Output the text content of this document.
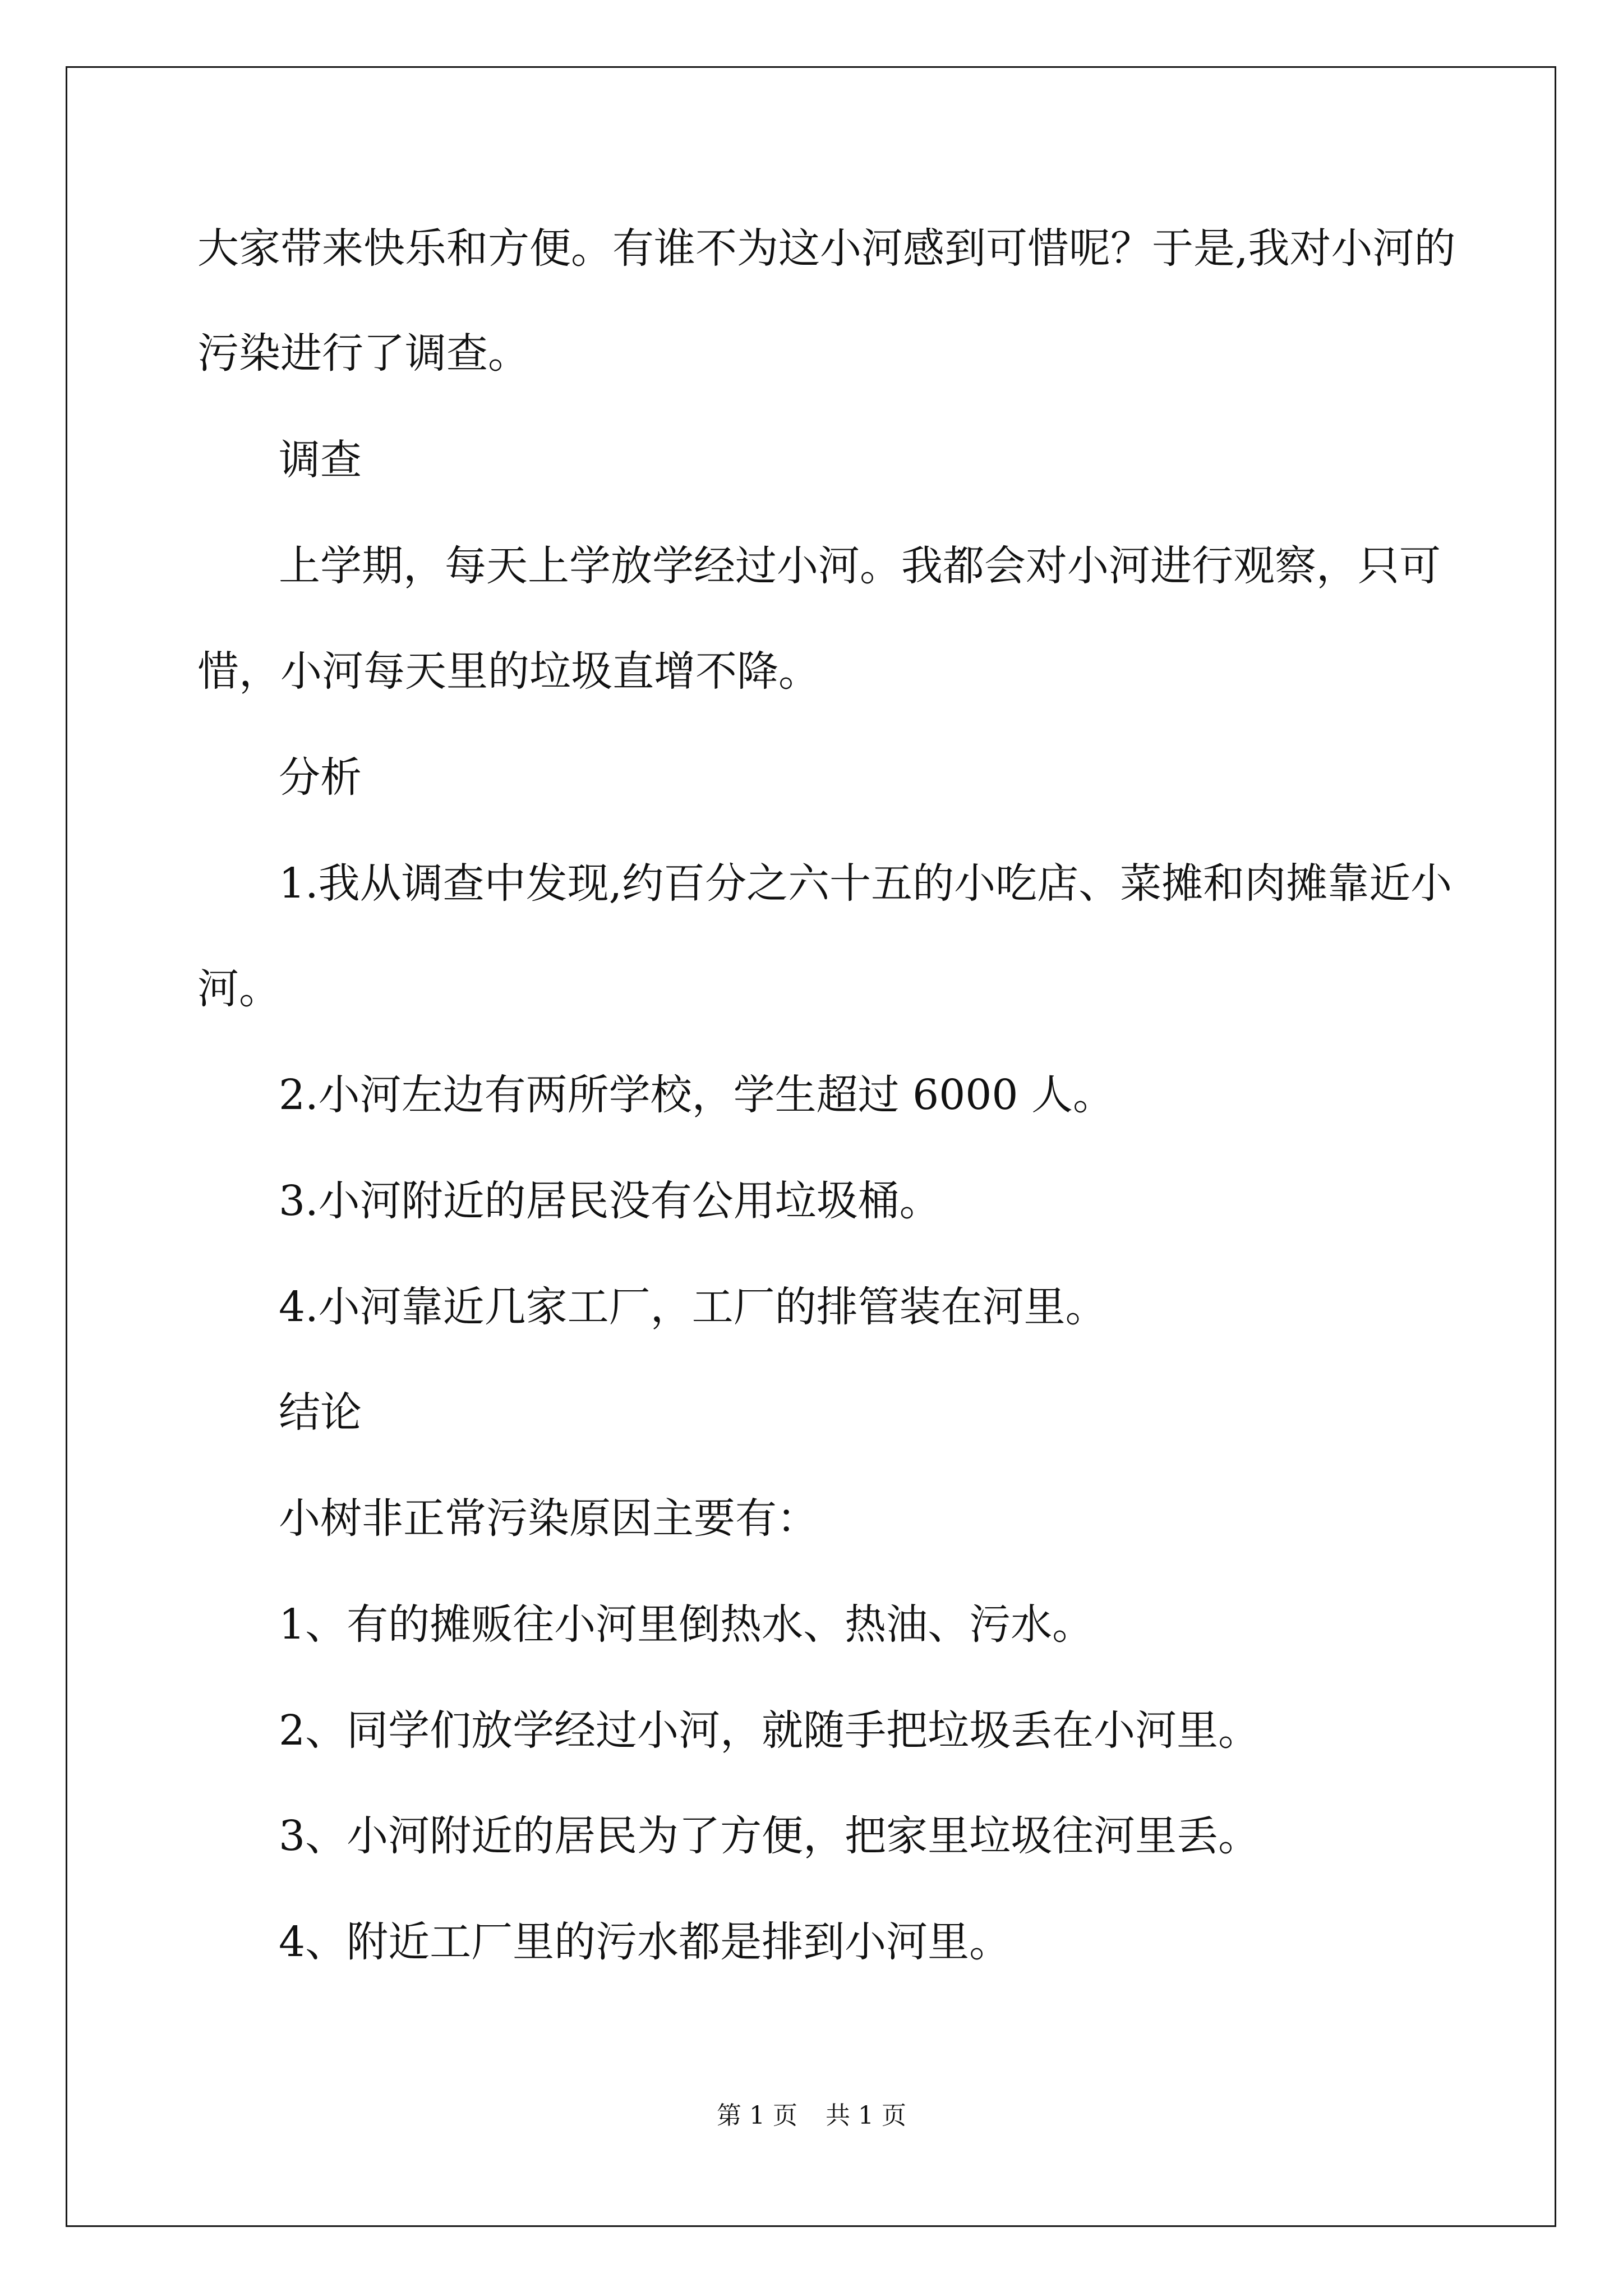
大家带来快乐和方便。有谁不为这小河感到可惜呢？于是,我对小河的

污染进行了调查。

调查

上学期，每天上学放学经过小河。我都会对小河进行观察，只可

惜，小河每天里的垃圾直增不降。

分析

1.我从调查中发现,约百分之六十五的小吃店、菜摊和肉摊靠近小

河。

2.小河左边有两所学校，学生超过 6000 人。

3.小河附近的居民没有公用垃圾桶。

4.小河靠近几家工厂，工厂的排管装在河里。

结论

小树非正常污染原因主要有：

1、有的摊贩往小河里倒热水、热油、污水。

2、同学们放学经过小河，就随手把垃圾丢在小河里。

3、小河附近的居民为了方便，把家里垃圾往河里丢。

4、附近工厂里的污水都是排到小河里。

第 1 页 共 1 页
